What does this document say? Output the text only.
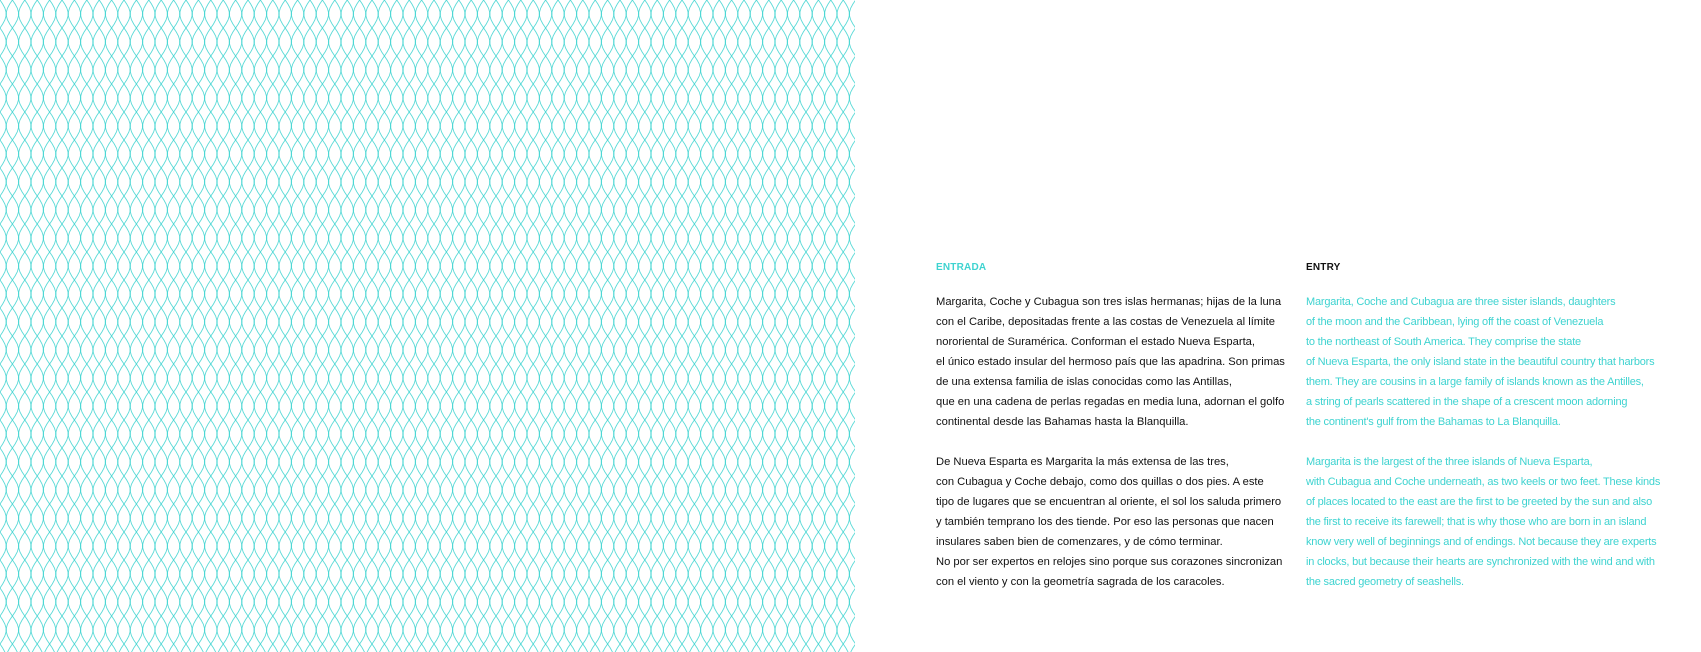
ENTRADA
Margarita, Coche y Cubagua son tres islas hermanas; hijas de la luna
con el Caribe, depositadas frente a las costas de Venezuela al límite
nororiental de Suramérica. Conforman el estado Nueva Esparta,
el único estado insular del hermoso país que las apadrina. Son primas
de una extensa familia de islas conocidas como las Antillas,
que en una cadena de perlas regadas en media luna, adornan el golfo
continental desde las Bahamas hasta la Blanquilla.
De Nueva Esparta es Margarita la más extensa de las tres,
con Cubagua y Coche debajo, como dos quillas o dos pies. A este
tipo de lugares que se encuentran al oriente, el sol los saluda primero
y también temprano los des tiende. Por eso las personas que nacen
insulares saben bien de comenzares, y de cómo terminar.
No por ser expertos en relojes sino porque sus corazones sincronizan
con el viento y con la geometría sagrada de los caracoles.
ENTRY
Margarita, Coche and Cubagua are three sister islands, daughters
of the moon and the Caribbean, lying off the coast of Venezuela
to the northeast of South America. They comprise the state
of Nueva Esparta, the only island state in the beautiful country that harbors
them. They are cousins in a large family of islands known as the Antilles,
a string of pearls scattered in the shape of a crescent moon adorning
the continent's gulf from the Bahamas to La Blanquilla.
Margarita is the largest of the three islands of Nueva Esparta,
with Cubagua and Coche underneath, as two keels or two feet. These kinds
of places located to the east are the first to be greeted by the sun and also
the first to receive its farewell; that is why those who are born in an island
know very well of beginnings and of endings. Not because they are experts
in clocks, but because their hearts are synchronized with the wind and with
the sacred geometry of seashells.
